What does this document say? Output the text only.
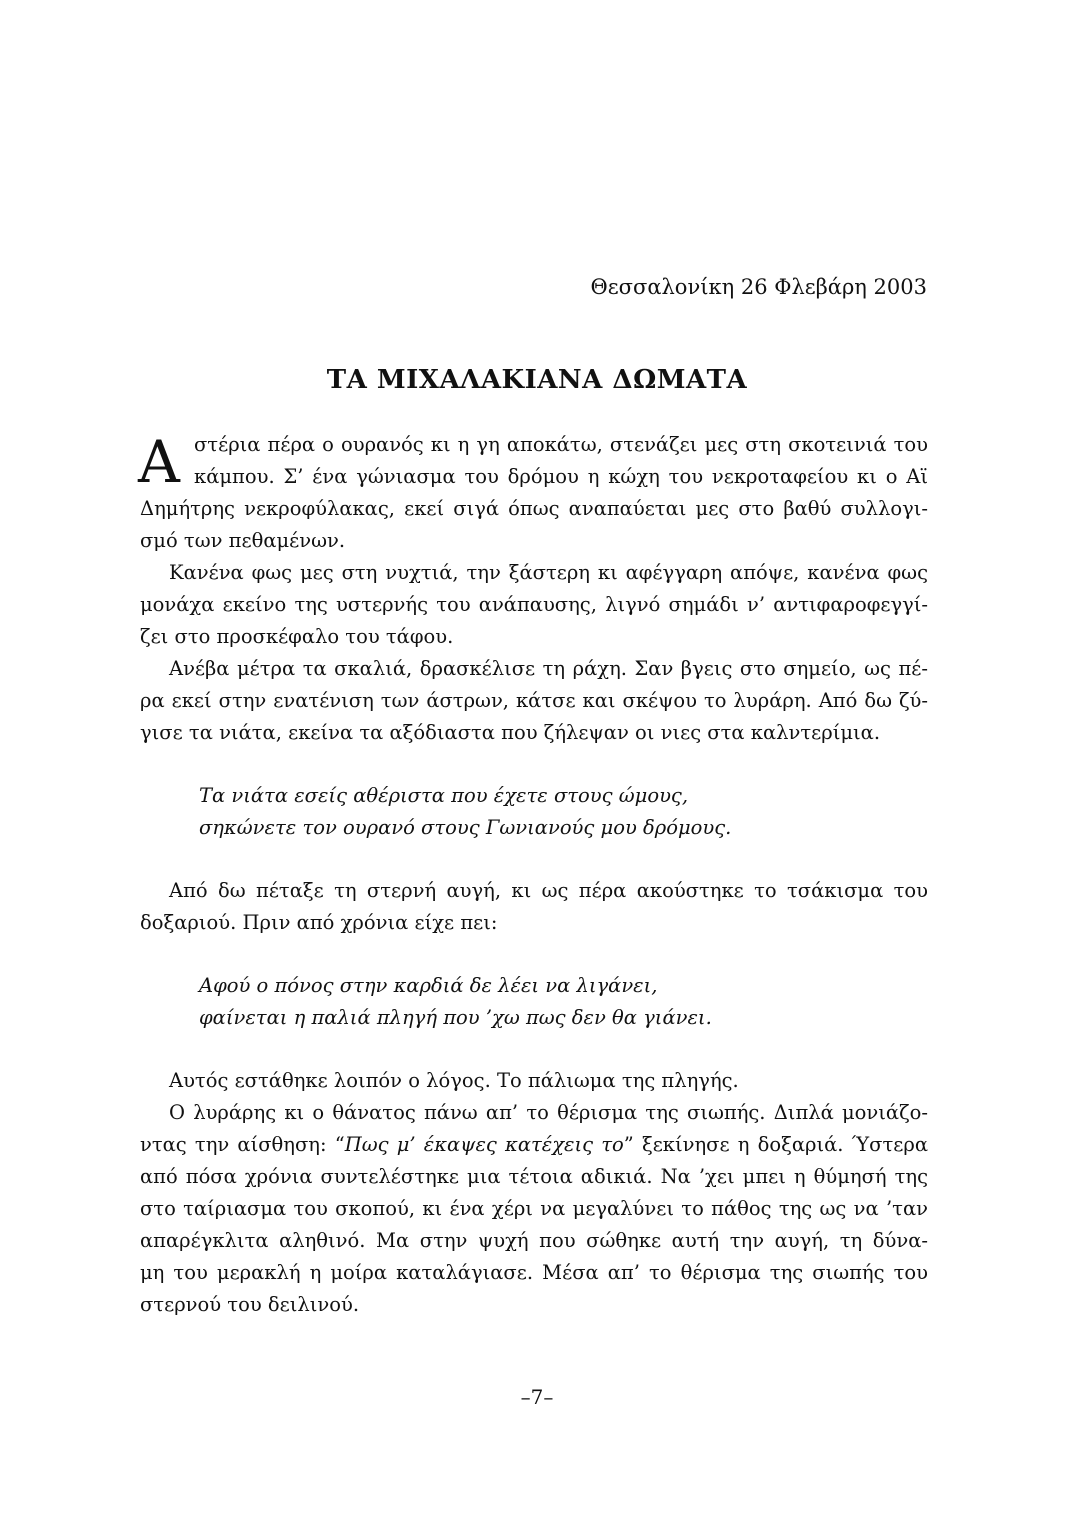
Θεσσαλονίκη 26 Φλεβάρη 2003
ΤΑ ΜΙΧΑΛΑΚΙΑΝΑ ΔΩΜΑΤΑ
Α στέρια πέρα ο ουρανός κι η γη αποκάτω, στενάζει μες στη σκοτεινιά του
κάμπου. Σ’ ένα γώνιασμα του δρόμου η κώχη του νεκροταφείου κι ο Αϊ
Δημήτρης νεκροφύλακας, εκεί σιγά όπως αναπαύεται μες στο βαθύ συλλογι-
σμό των πεθαμένων.
Κανένα φως μες στη νυχτιά, την ξάστερη κι αφέγγαρη απόψε, κανένα φως
μονάχα εκείνο της υστερνής του ανάπαυσης, λιγνό σημάδι ν’ αντιφαροφεγγί-
ζει στο προσκέφαλο του τάφου.
Ανέβα μέτρα τα σκαλιά, δρασκέλισε τη ράχη. Σαν βγεις στο σημείο, ως πέ-
ρα εκεί στην ενατένιση των άστρων, κάτσε και σκέψου το λυράρη. Από δω ζύ-
γισε τα νιάτα, εκείνα τα αξόδιαστα που ζήλεψαν οι νιες στα καλντερίμια.
Τα νιάτα εσείς αθέριστα που έχετε στους ώμους,
σηκώνετε τον ουρανό στους Γωνιανούς μου δρόμους.
Από δω πέταξε τη στερνή αυγή, κι ως πέρα ακούστηκε το τσάκισμα του
δοξαριού. Πριν από χρόνια είχε πει:
Αφού ο πόνος στην καρδιά δε λέει να λιγάνει,
φαίνεται η παλιά πληγή που ’χω πως δεν θα γιάνει.
Αυτός εστάθηκε λοιπόν ο λόγος. Το πάλιωμα της πληγής.
Ο λυράρης κι ο θάνατος πάνω απ’ το θέρισμα της σιωπής. Διπλά μονιάζο-
ντας την αίσθηση: “Πως μ’ έκαψες κατέχεις το” ξεκίνησε η δοξαριά. Ύστερα
από πόσα χρόνια συντελέστηκε μια τέτοια αδικιά. Να ’χει μπει η θύμησή της
στο ταίριασμα του σκοπού, κι ένα χέρι να μεγαλύνει το πάθος της ως να ’ταν
απαρέγκλιτα αληθινό. Μα στην ψυχή που σώθηκε αυτή την αυγή, τη δύνα-
μη του μερακλή η μοίρα καταλάγιασε. Μέσα απ’ το θέρισμα της σιωπής του
στερνού του δειλινού.
–7–
